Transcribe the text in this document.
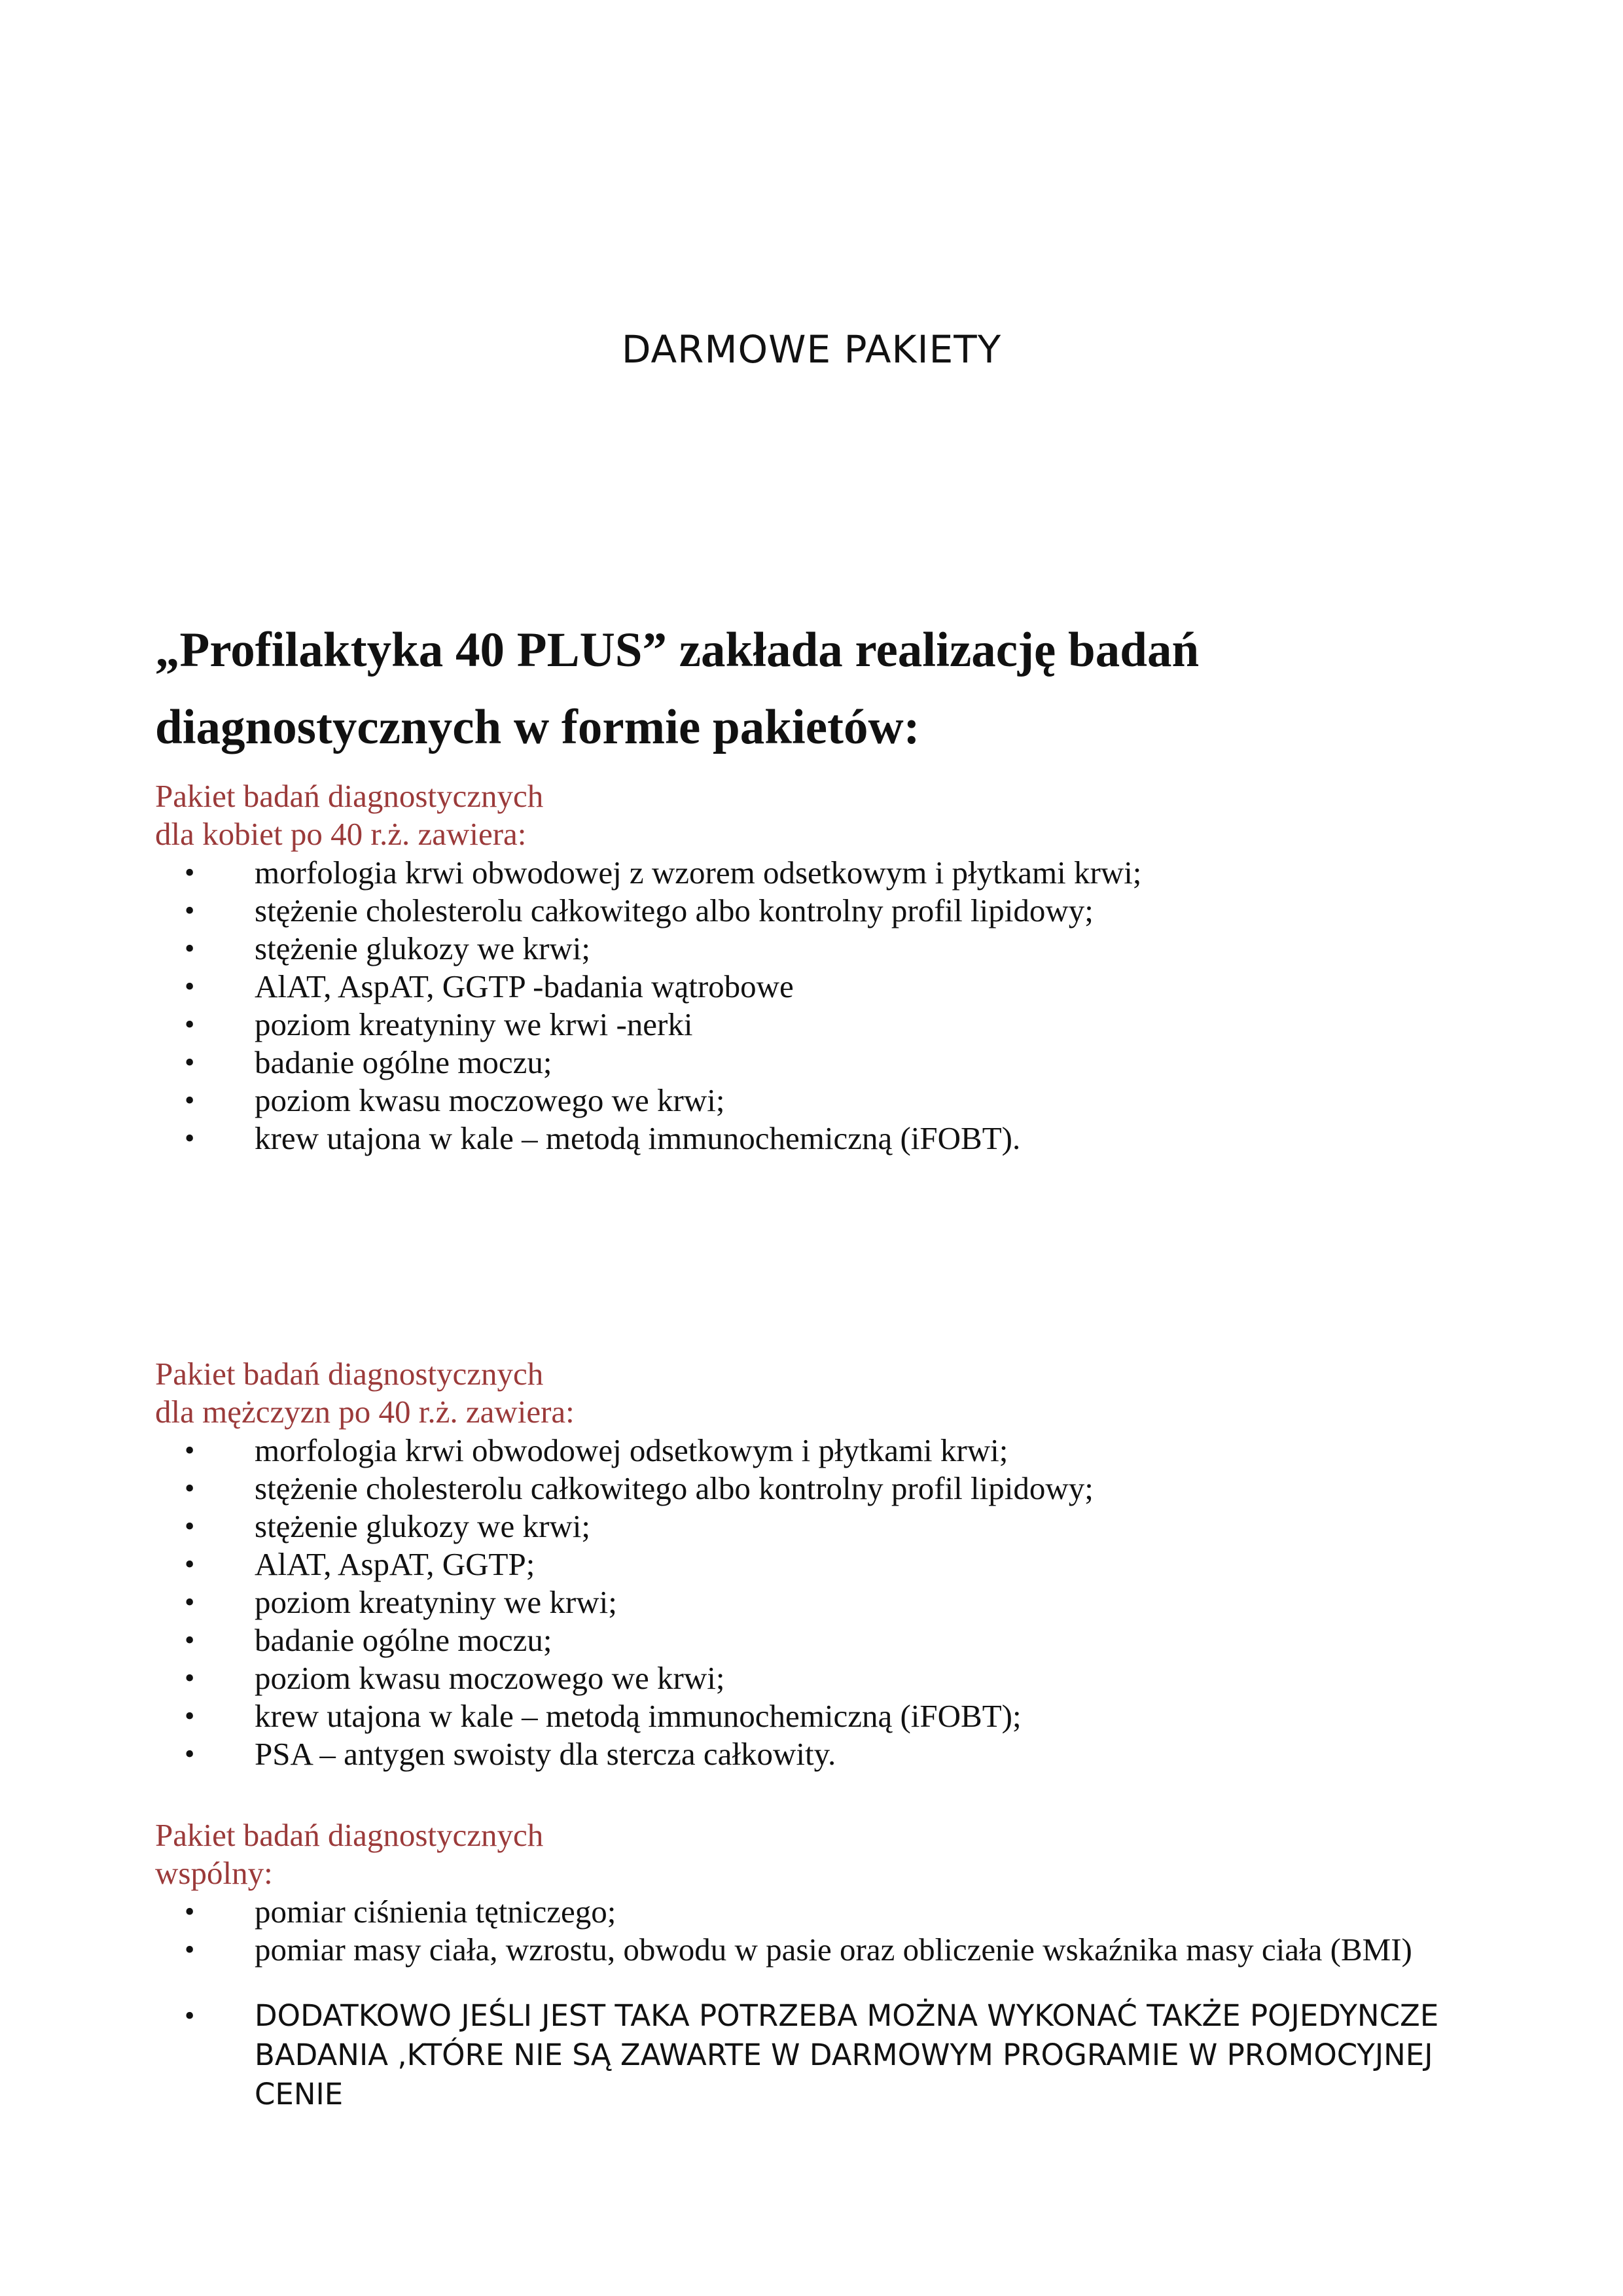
DARMOWE PAKIETY
„Profilaktyka 40 PLUS” zakłada realizację badań
diagnostycznych w formie pakietów:
Pakiet badań diagnostycznych
dla kobiet po 40 r.ż. zawiera:
• morfologia krwi obwodowej z wzorem odsetkowym i płytkami krwi;
• stężenie cholesterolu całkowitego albo kontrolny profil lipidowy;
• stężenie glukozy we krwi;
• AlAT, AspAT, GGTP -badania wątrobowe
• poziom kreatyniny we krwi -nerki
• badanie ogólne moczu;
• poziom kwasu moczowego we krwi;
• krew utajona w kale – metodą immunochemiczną (iFOBT).
Pakiet badań diagnostycznych
dla mężczyzn po 40 r.ż. zawiera:
• morfologia krwi obwodowej odsetkowym i płytkami krwi;
• stężenie cholesterolu całkowitego albo kontrolny profil lipidowy;
• stężenie glukozy we krwi;
• AlAT, AspAT, GGTP;
• poziom kreatyniny we krwi;
• badanie ogólne moczu;
• poziom kwasu moczowego we krwi;
• krew utajona w kale – metodą immunochemiczną (iFOBT);
• PSA – antygen swoisty dla stercza całkowity.
Pakiet badań diagnostycznych
wspólny:
• pomiar ciśnienia tętniczego;
• pomiar masy ciała, wzrostu, obwodu w pasie oraz obliczenie wskaźnika masy ciała (BMI)
• DODATKOWO JEŚLI JEST TAKA POTRZEBA MOŻNA WYKONAĆ TAKŻE POJEDYNCZE BADANIA ,KTÓRE NIE SĄ ZAWARTE W DARMOWYM PROGRAMIE W PROMOCYJNEJ CENIE
